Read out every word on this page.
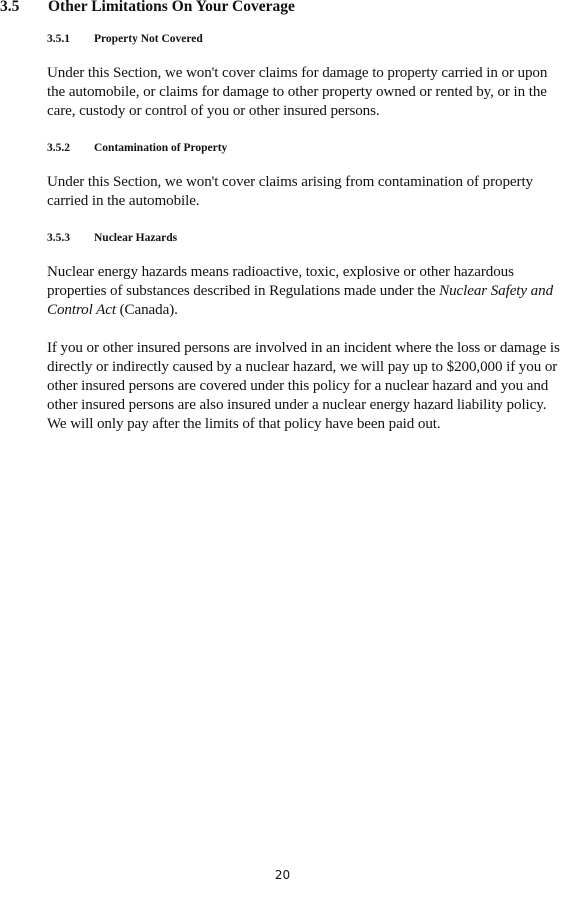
3.5 Other Limitations On Your Coverage
3.5.1 Property Not Covered

Under this Section, we won't cover claims for damage to property carried in or upon the automobile, or claims for damage to other property owned or rented by, or in the care, custody or control of you or other insured persons.

3.5.2 Contamination of Property

Under this Section, we won't cover claims arising from contamination of property carried in the automobile.

3.5.3 Nuclear Hazards

Nuclear energy hazards means radioactive, toxic, explosive or other hazardous properties of substances described in Regulations made under the Nuclear Safety and Control Act (Canada).

If you or other insured persons are involved in an incident where the loss or damage is directly or indirectly caused by a nuclear hazard, we will pay up to $200,000 if you or other insured persons are covered under this policy for a nuclear hazard and you and other insured persons are also insured under a nuclear energy hazard liability policy.  We will only pay after the limits of that policy have been paid out.

20
